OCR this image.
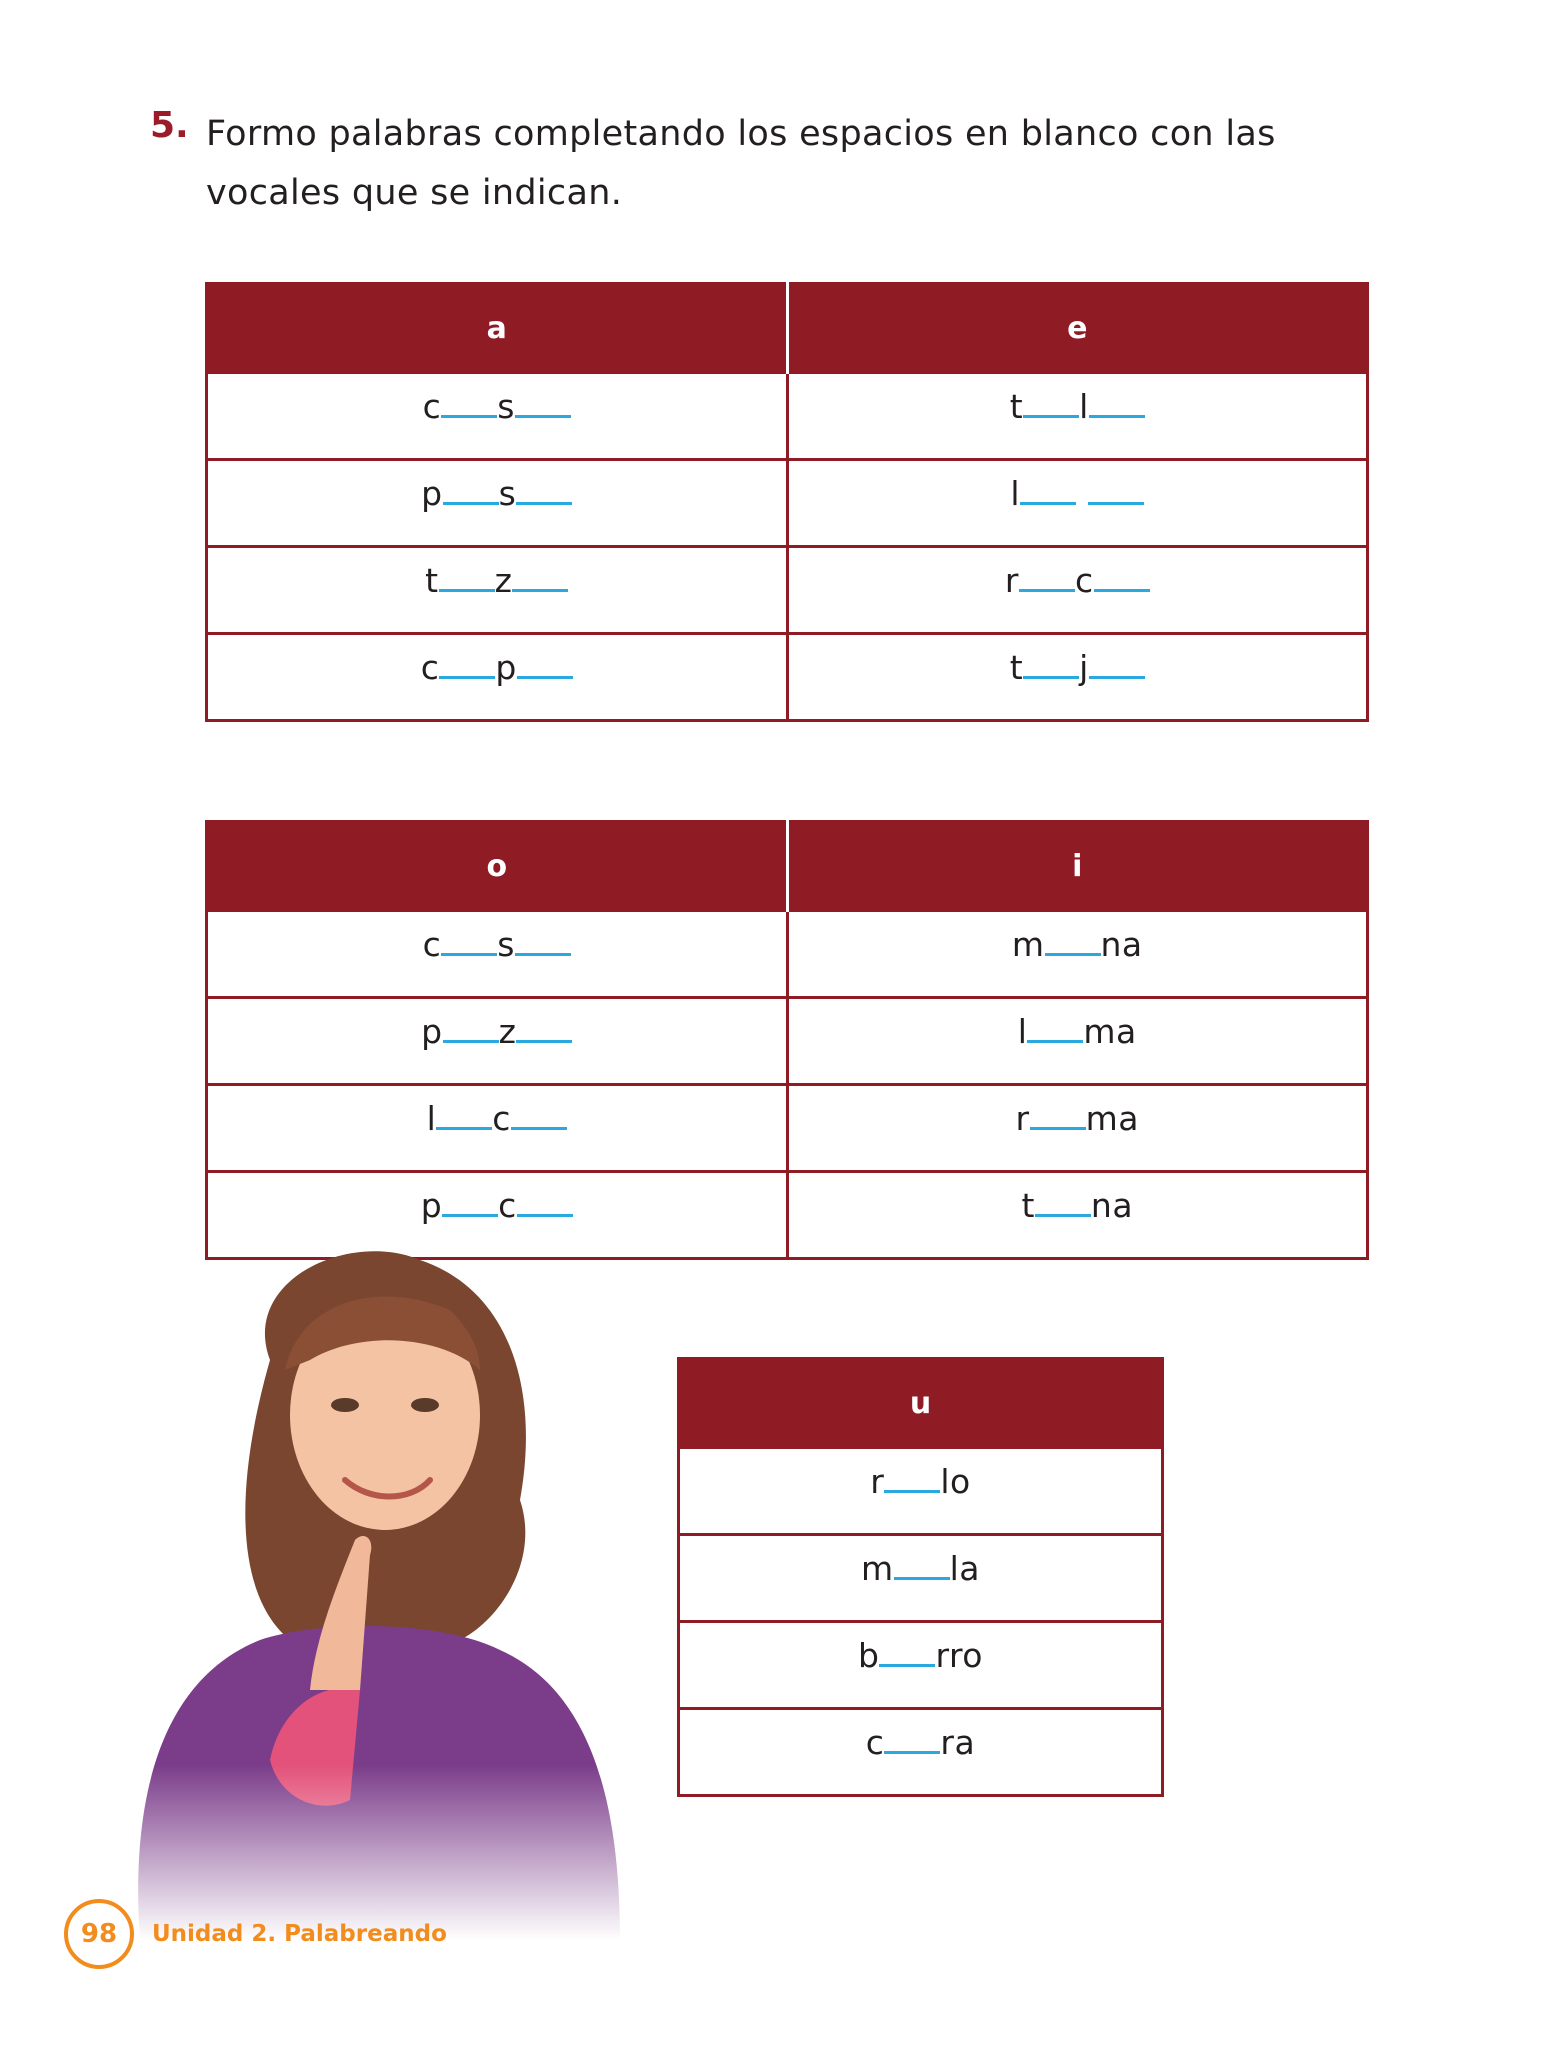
5. Formo palabras completando los espacios en blanco con las vocales que se indican.
a	e
c s	t l
p s	l
t z	r c
c p	t j
o	i
c s	m na
p z	l ma
l c	r ma
p c	t na
u
r lo
m la
b rro
c ra
98	Unidad 2. Palabreando
